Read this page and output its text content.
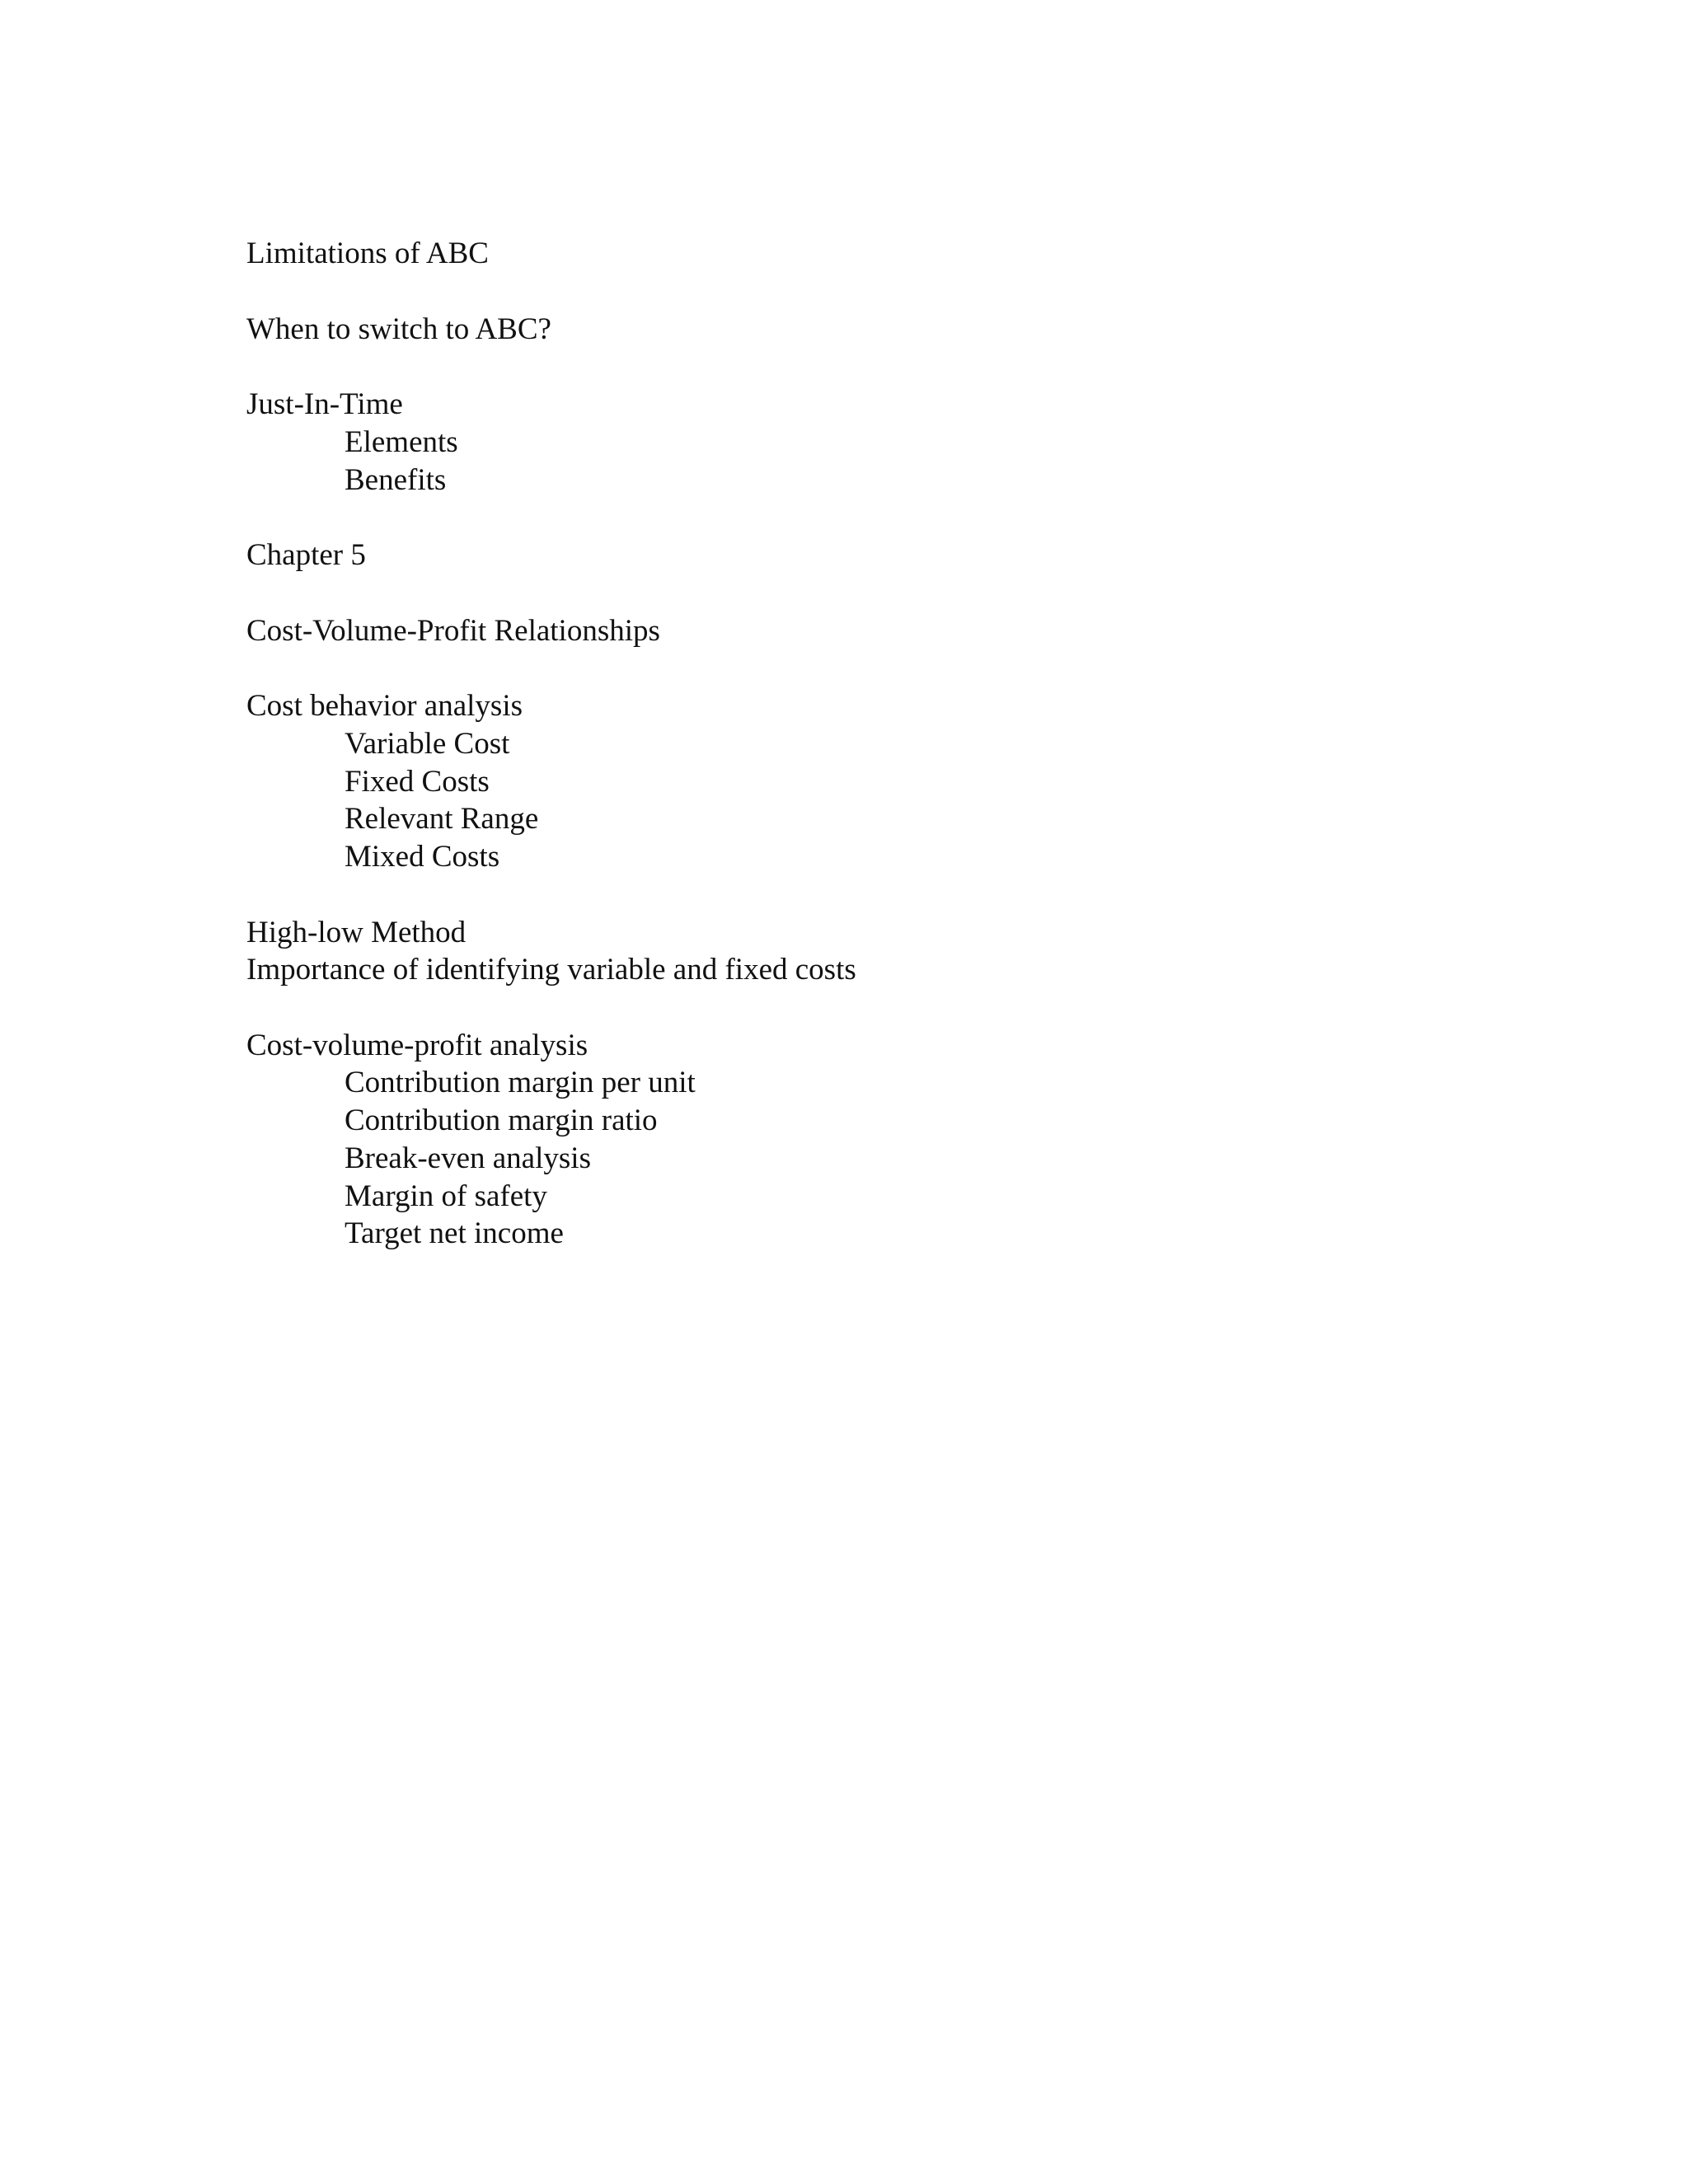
Limitations of ABC
When to switch to ABC?
Just-In-Time
Elements
Benefits
Chapter 5
Cost-Volume-Profit Relationships
Cost behavior analysis
Variable Cost
Fixed Costs
Relevant Range
Mixed Costs
High-low Method
Importance of identifying variable and fixed costs
Cost-volume-profit analysis
Contribution margin per unit
Contribution margin ratio
Break-even analysis
Margin of safety
Target net income
